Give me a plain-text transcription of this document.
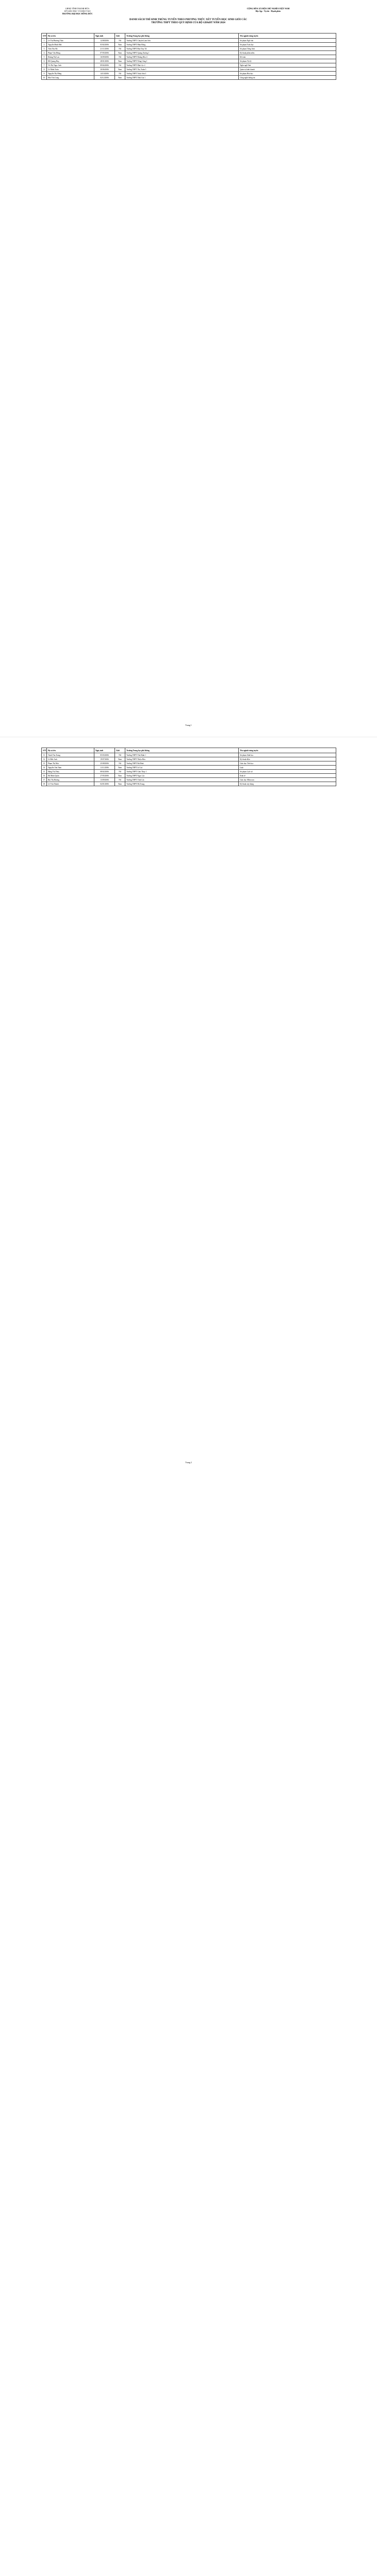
UBND TỈNH THANH HÓA
SỞ GIÁO DỤC VÀ ĐÀO TẠO
TRƯỜNG ĐẠI HỌC HỒNG ĐỨC
CỘNG HÒA XÃ HỘI CHỦ NGHĨA VIỆT NAM
Độc lập - Tự do - Hạnh phúc
DANH SÁCH THÍ SINH TRÚNG TUYỂN THEO PHƯƠNG THỨC XÉT TUYỂN HỌC SINH GIỎI CÁC
TRƯỜNG THPT THEO QUY ĐỊNH CỦA BỘ GD&ĐT NĂM 2024
STT	Họ và tên	Ngày sinh	Giới	Trường Trung học phổ thông	Tên ngành trúng tuyển
1	Lê Thị Phương Thảo	12/08/2006	Nữ	Trường THPT Chuyên Lam Sơn	Sư phạm Ngữ văn
2	Nguyễn Minh Đức	03/02/2006	Nam	Trường THPT Hàm Rồng	Sư phạm Toán học
3	Trần Thu Hà	21/11/2006	Nữ	Trường THPT Đào Duy Từ	Sư phạm Tiếng Anh
4	Phạm Văn Hùng	07/05/2006	Nam	Trường THPT Quảng Xương 1	Kỹ thuật phần mềm
5	Hoàng Thị Lan	16/09/2006	Nữ	Trường THPT Hoằng Hóa 4	Kế toán
6	Đỗ Quang Huy	28/01/2006	Nam	Trường THPT Nông Cống 1	Sư phạm Vật lý
7	Vũ Thị Ngọc Anh	09/04/2006	Nữ	Trường THPT Hậu Lộc 2	Ngôn ngữ Anh
8	Lê Minh Tuấn	30/06/2006	Nam	Trường THPT Thọ Xuân 5	Quản trị kinh doanh
9	Nguyễn Thị Hồng	14/10/2006	Nữ	Trường THPT Triệu Sơn 3	Sư phạm Hóa học
10	Mai Văn Long	02/12/2006	Nam	Trường THPT Tĩnh Gia 1	Công nghệ thông tin
Trang 1
STT	Họ và tên	Ngày sinh	Giới	Trường Trung học phổ thông	Tên ngành trúng tuyển
11	Trịnh Thu Trang	05/03/2006	Nữ	Trường THPT Yên Định 1	Sư phạm Sinh học
12	Lê Đức Anh	19/07/2006	Nam	Trường THPT Thiệu Hóa	Kỹ thuật điện
13	Phạm Thị Mai	25/08/2006	Nữ	Trường THPT Ba Đình	Giáo dục Tiểu học
14	Nguyễn Văn Nam	11/11/2006	Nam	Trường THPT Lê Lợi	Luật
15	Đặng Thị Thúy	08/02/2006	Nữ	Trường THPT Cẩm Thủy 1	Sư phạm Lịch sử
16	Hà Minh Quân	27/05/2006	Nam	Trường THPT Ngọc Lặc	Kinh tế
17	Bùi Thị Hương	13/09/2006	Nữ	Trường THPT Vĩnh Lộc	Giáo dục Mầm non
18	Lê Văn Thành	04/01/2006	Nam	Trường THPT Hà Trung	Kỹ thuật xây dựng
Trang 2
